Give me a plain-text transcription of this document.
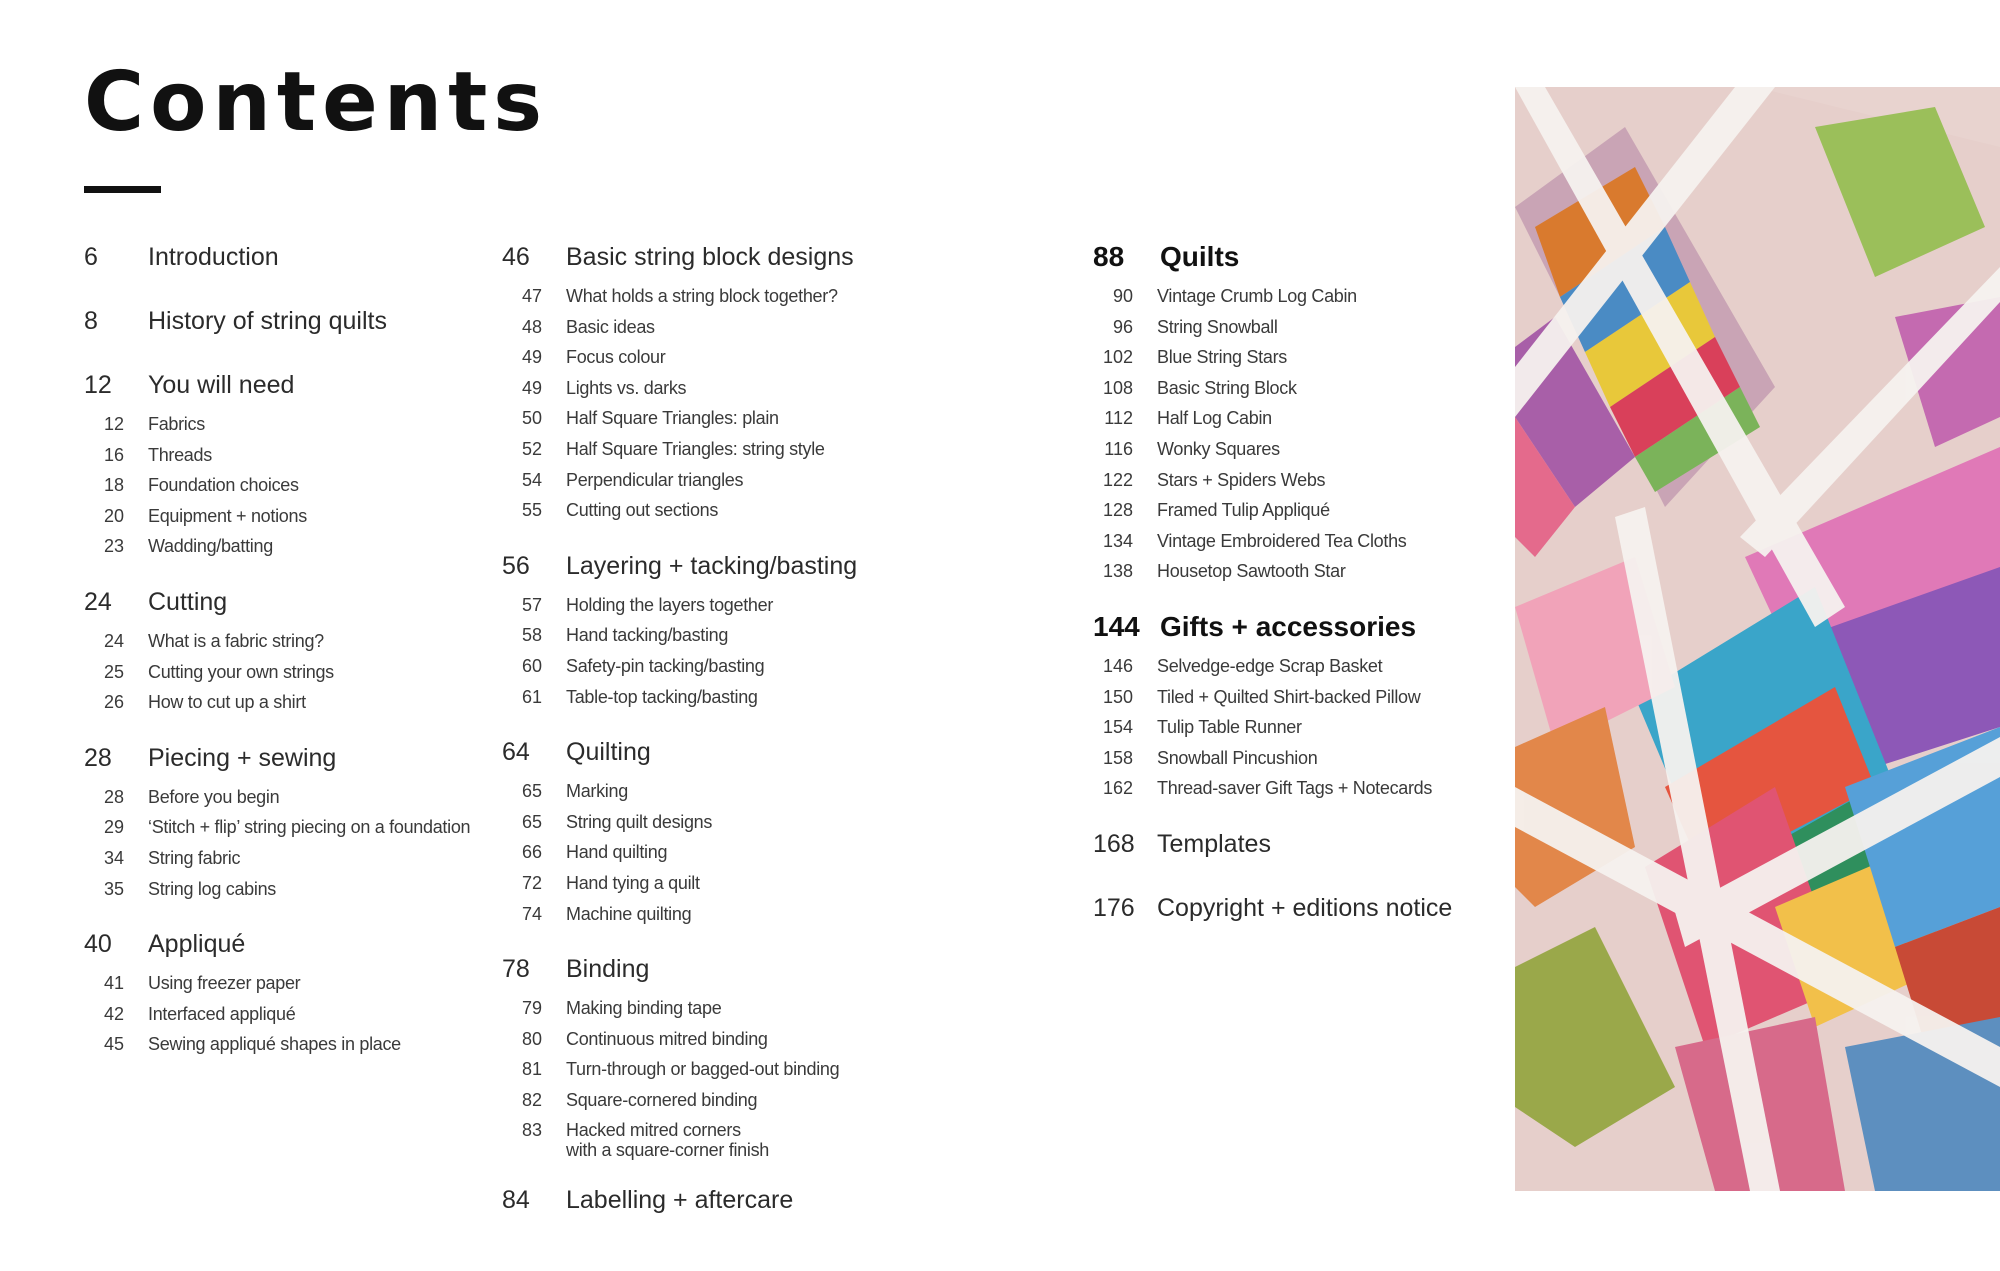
Contents
6	Introduction
8	History of string quilts
12	You will need
12	Fabrics
16	Threads
18	Foundation choices
20	Equipment + notions
23	Wadding/batting
24	Cutting
24	What is a fabric string?
25	Cutting your own strings
26	How to cut up a shirt
28	Piecing + sewing
28	Before you begin
29	‘Stitch + flip’ string piecing on a foundation
34	String fabric
35	String log cabins
40	Appliqué
41	Using freezer paper
42	Interfaced appliqué
45	Sewing appliqué shapes in place
46	Basic string block designs
47	What holds a string block together?
48	Basic ideas
49	Focus colour
49	Lights vs. darks
50	Half Square Triangles: plain
52	Half Square Triangles: string style
54	Perpendicular triangles
55	Cutting out sections
56	Layering + tacking/basting
57	Holding the layers together
58	Hand tacking/basting
60	Safety-pin tacking/basting
61	Table-top tacking/basting
64	Quilting
65	Marking
65	String quilt designs
66	Hand quilting
72	Hand tying a quilt
74	Machine quilting
78	Binding
79	Making binding tape
80	Continuous mitred binding
81	Turn-through or bagged-out binding
82	Square-cornered binding
83	Hacked mitred corners
with a square-corner finish
84	Labelling + aftercare
88	Quilts
90	Vintage Crumb Log Cabin
96	String Snowball
102	Blue String Stars
108	Basic String Block
112	Half Log Cabin
116	Wonky Squares
122	Stars + Spiders Webs
128	Framed Tulip Appliqué
134	Vintage Embroidered Tea Cloths
138	Housetop Sawtooth Star
144 Gifts + accessories
146	Selvedge-edge Scrap Basket
150	Tiled + Quilted Shirt-backed Pillow
154	Tulip Table Runner
158	Snowball Pincushion
162	Thread-saver Gift Tags + Notecards
168 Templates
176 Copyright + editions notice
